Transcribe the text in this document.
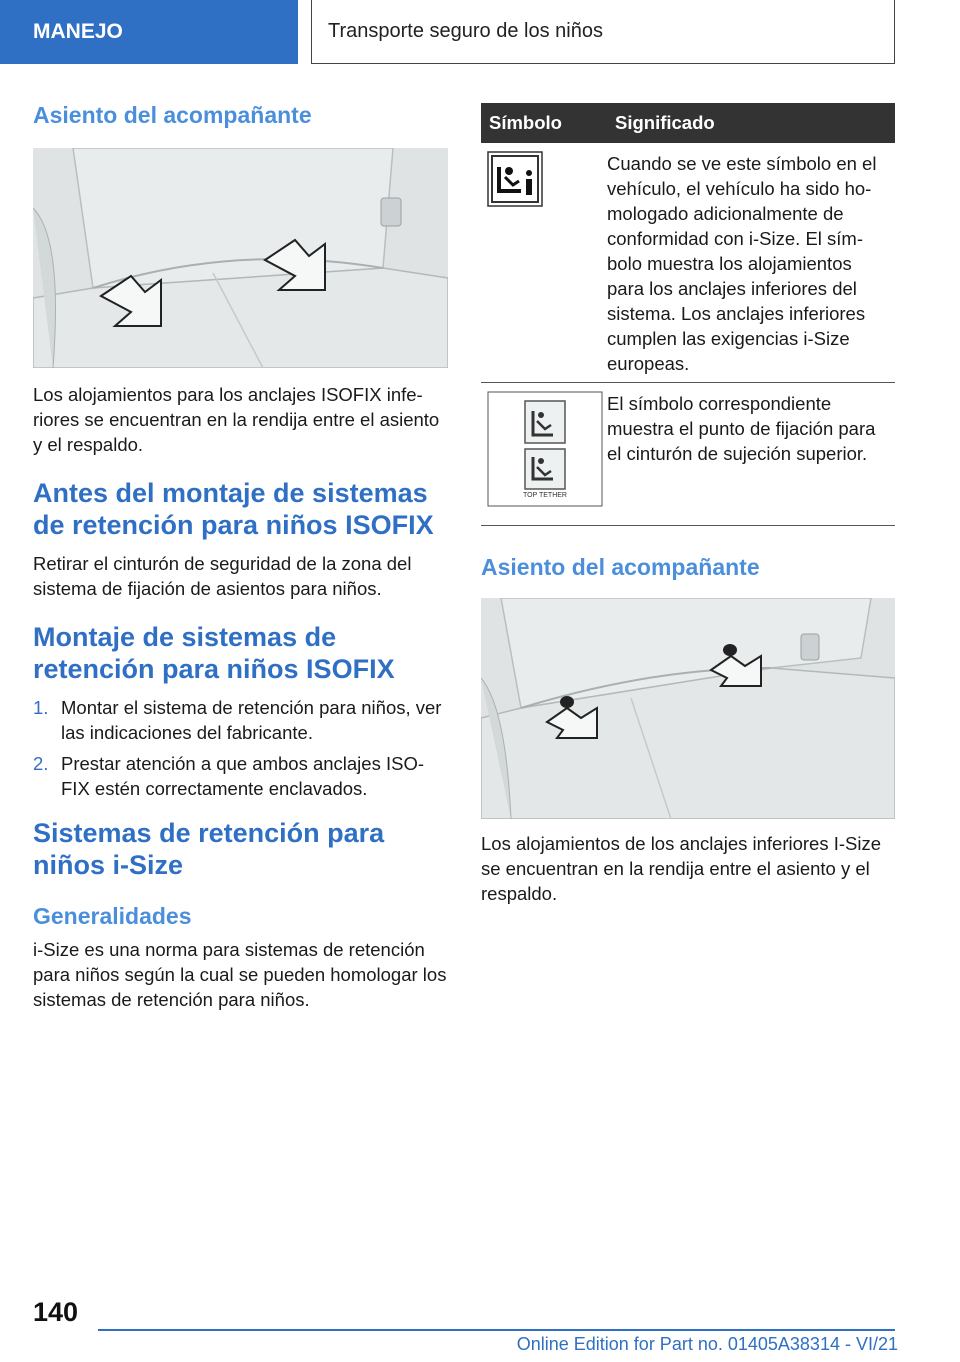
MANEJO	Transporte seguro de los niños
Asiento del acompañante

Los alojamientos para los anclajes ISOFIX infe-riores se encuentran en la rendija entre el asiento y el respaldo.

Antes del montaje de sistemas de retención para niños ISOFIX

Retirar el cinturón de seguridad de la zona del sistema de fijación de asientos para niños.

Montaje de sistemas de retención para niños ISOFIX
1. Montar el sistema de retención para niños, ver las indicaciones del fabricante.
2. Prestar atención a que ambos anclajes ISO-FIX estén correctamente enclavados.
Sistemas de retención para niños i-Size
Generalidades

i-Size es una norma para sistemas de retención para niños según la cual se pueden homologar los sistemas de retención para niños.

Símbolo	Significado
	Cuando se ve este símbolo en el vehículo, el vehículo ha sido ho-mologado adicionalmente de conformidad con i-Size. El sím-bolo muestra los alojamientos para los anclajes inferiores del sistema. Los anclajes inferiores cumplen las exigencias i-Size europeas.

TOP TETHER	El símbolo correspondiente muestra el punto de fijación para el cinturón de sujeción superior.
Asiento del acompañante

Los alojamientos de los anclajes inferiores I-Size se encuentran en la rendija entre el asiento y el respaldo.

140
Online Edition for Part no. 01405A38314 - VI/21
